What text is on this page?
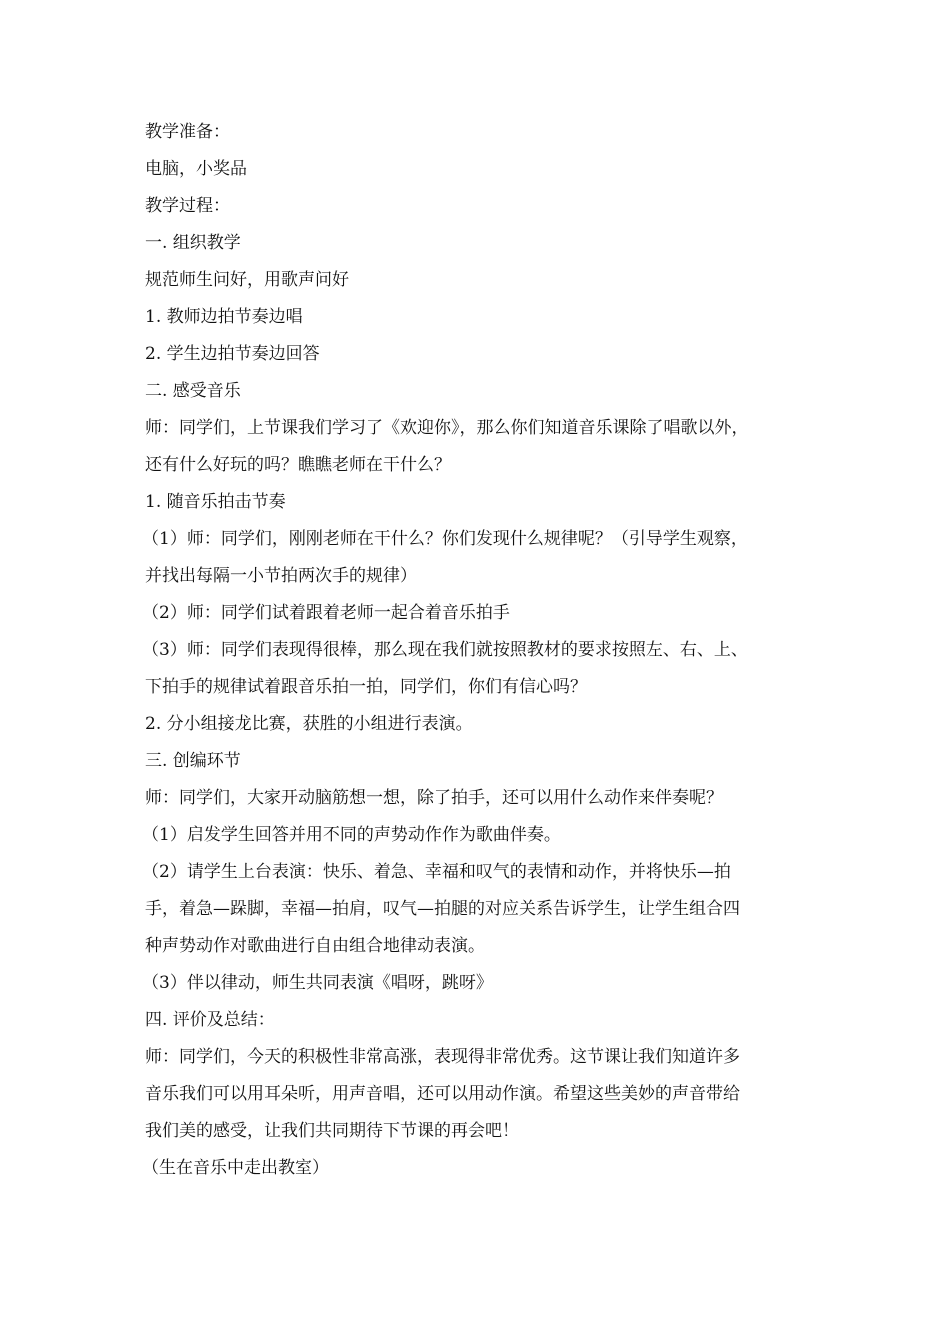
教学准备：
电脑，小奖品
教学过程：
一. 组织教学
规范师生问好，用歌声问好
1. 教师边拍节奏边唱
2. 学生边拍节奏边回答
二. 感受音乐
师：同学们，上节课我们学习了《欢迎你》，那么你们知道音乐课除了唱歌以外，
还有什么好玩的吗？瞧瞧老师在干什么？
1. 随音乐拍击节奏
（1）师：同学们，刚刚老师在干什么？你们发现什么规律呢？（引导学生观察，
并找出每隔一小节拍两次手的规律）
（2）师：同学们试着跟着老师一起合着音乐拍手
（3）师：同学们表现得很棒，那么现在我们就按照教材的要求按照左、右、上、
下拍手的规律试着跟音乐拍一拍，同学们，你们有信心吗？
2. 分小组接龙比赛，获胜的小组进行表演。
三. 创编环节
师：同学们，大家开动脑筋想一想，除了拍手，还可以用什么动作来伴奏呢？
（1）启发学生回答并用不同的声势动作作为歌曲伴奏。
（2）请学生上台表演：快乐、着急、幸福和叹气的表情和动作，并将快乐—拍
手，着急—跺脚，幸福—拍肩，叹气—拍腿的对应关系告诉学生，让学生组合四
种声势动作对歌曲进行自由组合地律动表演。
（3）伴以律动，师生共同表演《唱呀，跳呀》
四. 评价及总结：
师：同学们，今天的积极性非常高涨，表现得非常优秀。这节课让我们知道许多
音乐我们可以用耳朵听，用声音唱，还可以用动作演。希望这些美妙的声音带给
我们美的感受，让我们共同期待下节课的再会吧！
（生在音乐中走出教室）
